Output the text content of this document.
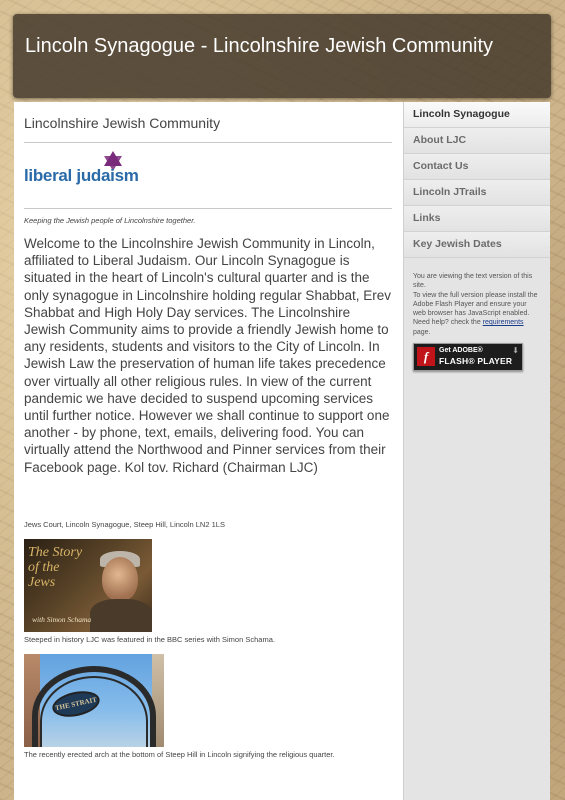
Lincoln Synagogue - Lincolnshire Jewish Community
Lincolnshire Jewish Community
liberal judaism
Keeping the Jewish people of Lincolnshire together.
Welcome to the Lincolnshire Jewish Community in Lincoln, affiliated to Liberal Judaism. Our Lincoln Synagogue is situated in the heart of Lincoln's cultural quarter and is the only synagogue in Lincolnshire holding regular Shabbat, Erev Shabbat and High Holy Day services. The Lincolnshire Jewish Community aims to provide a friendly Jewish home to any residents, students and visitors to the City of Lincoln. In Jewish Law the preservation of human life takes precedence over virtually all other religious rules. In view of the current pandemic we have decided to suspend upcoming services until further notice. However we shall continue to support one another - by phone, text, emails, delivering food. You can virtually attend the Northwood and Pinner services from their Facebook page. Kol tov. Richard (Chairman LJC)
Jews Court, Lincoln Synagogue, Steep Hill, Lincoln LN2 1LS
The Story of the Jews
with Simon Schama
Steeped in history LJC was featured in the BBC series with Simon Schama.
THE STRAIT
The recently erected arch at the bottom of Steep Hill in Lincoln signifying the religious quarter.
Lincoln Synagogue
About LJC
Contact Us
Lincoln JTrails
Links
Key Jewish Dates
You are viewing the text version of this site.
To view the full version please install the Adobe Flash Player and ensure your web browser has JavaScript enabled.
Need help? check the requirements page.
f	Get ADOBE®
FLASH® PLAYER
⬇
